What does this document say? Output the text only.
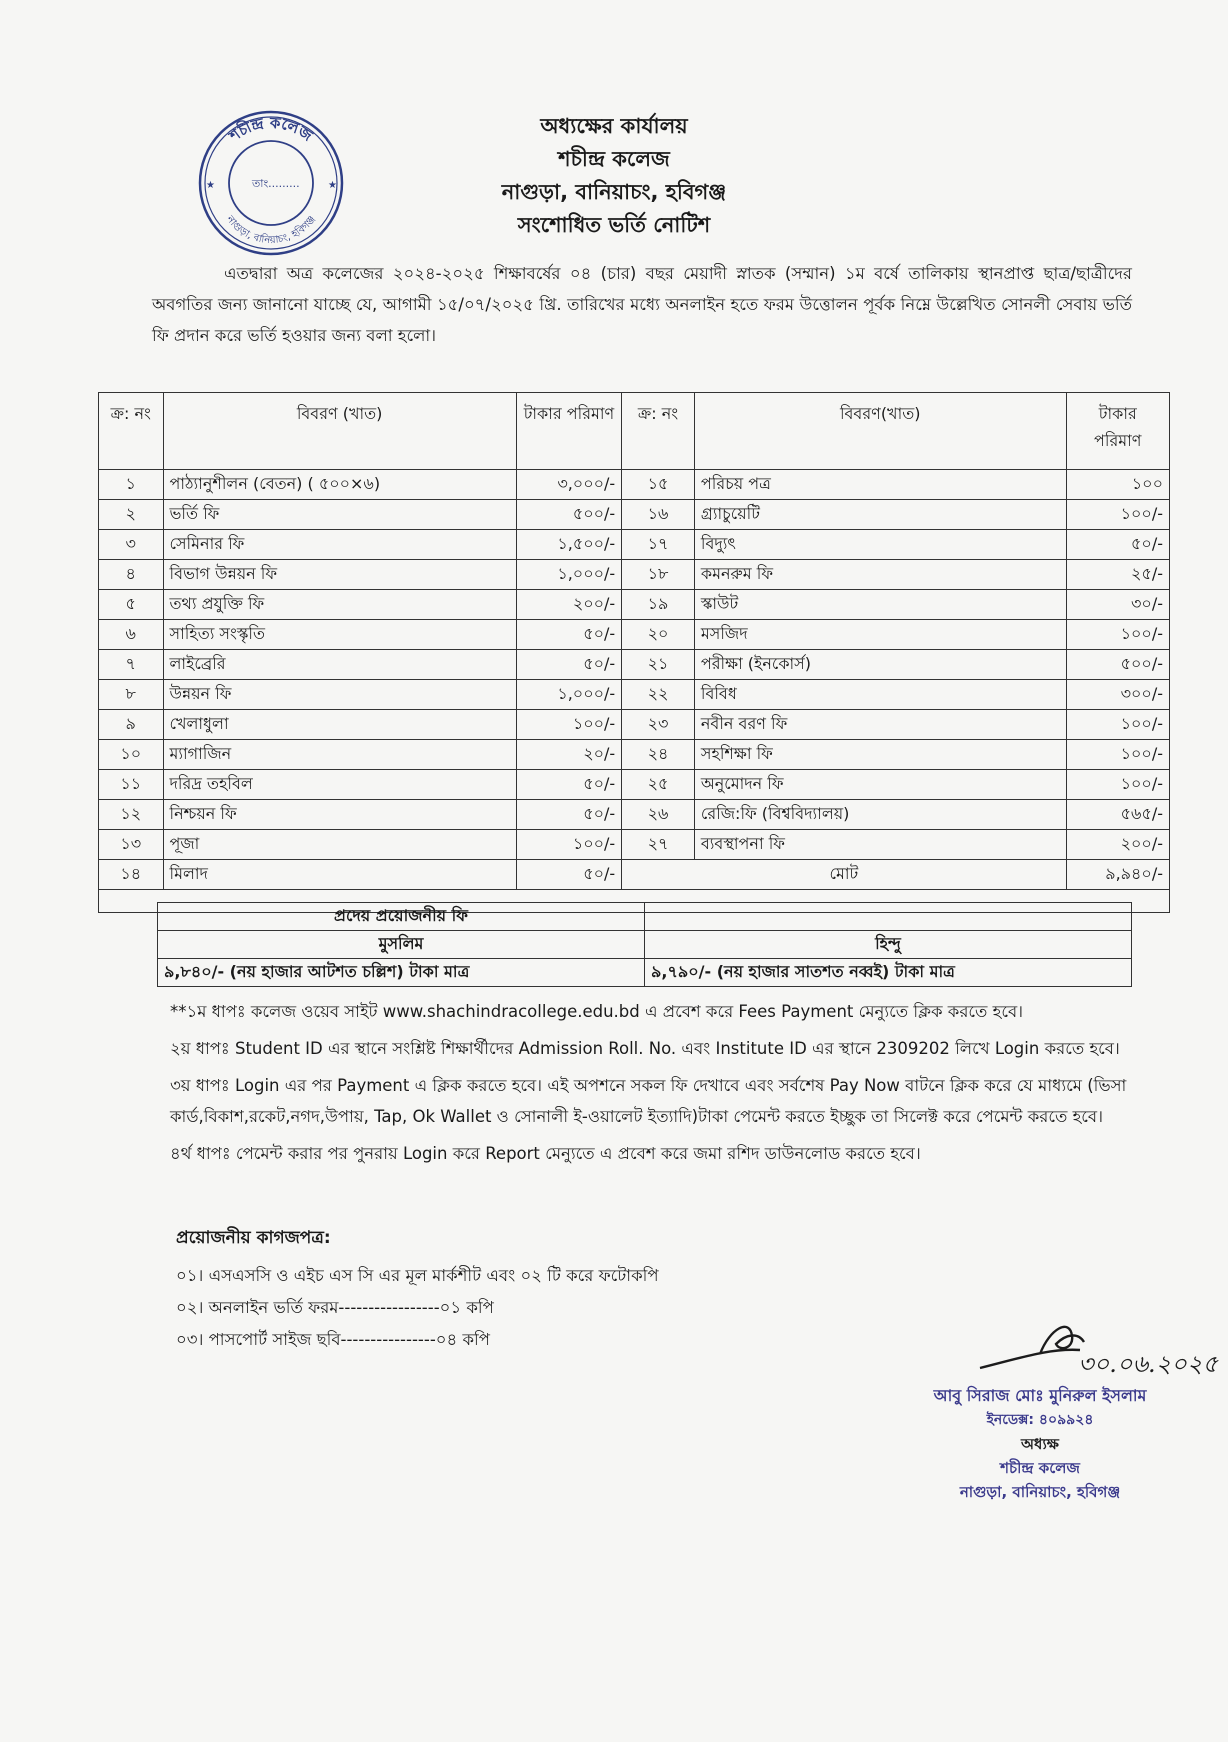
শচীন্দ্র কলেজ
নাগুড়া, বানিয়াচং, হবিগঞ্জ
তাং.........
★	★
অধ্যক্ষের কার্যালয়
শচীন্দ্র কলেজ
নাগুড়া, বানিয়াচং, হবিগঞ্জ
সংশোধিত ভর্তি নোটিশ
এতদ্বারা অত্র কলেজের ২০২৪-২০২৫ শিক্ষাবর্ষের ০৪ (চার) বছর মেয়াদী স্নাতক (সম্মান) ১ম বর্ষে তালিকায় স্থানপ্রাপ্ত ছাত্র/ছাত্রীদের অবগতির জন্য জানানো যাচ্ছে যে, আগামী ১৫/০৭/২০২৫ খ্রি. তারিখের মধ্যে অনলাইন হতে ফরম উত্তোলন পূর্বক নিম্নে উল্লেখিত সোনলী সেবায় ভর্তি ফি প্রদান করে ভর্তি হওয়ার জন্য বলা হলো।
ক্র: নং	বিবরণ (খাত)	টাকার পরিমাণ	ক্র: নং	বিবরণ(খাত)	টাকার পরিমাণ
১	পাঠ্যানুশীলন (বেতন) ( ৫০০×৬)	৩,০০০/-	১৫	পরিচয় পত্র	১০০
২	ভর্তি ফি	৫০০/-	১৬	গ্র্যাচুয়েটি	১০০/-
৩	সেমিনার ফি	১,৫০০/-	১৭	বিদ্যুৎ	৫০/-
৪	বিভাগ উন্নয়ন ফি	১,০০০/-	১৮	কমনরুম ফি	২৫/-
৫	তথ্য প্রযুক্তি ফি	২০০/-	১৯	স্কাউট	৩০/-
৬	সাহিত্য সংস্কৃতি	৫০/-	২০	মসজিদ	১০০/-
৭	লাইব্রেরি	৫০/-	২১	পরীক্ষা (ইনকোর্স)	৫০০/-
৮	উন্নয়ন ফি	১,০০০/-	২২	বিবিধ	৩০০/-
৯	খেলাধুলা	১০০/-	২৩	নবীন বরণ ফি	১০০/-
১০	ম্যাগাজিন	২০/-	২৪	সহশিক্ষা ফি	১০০/-
১১	দরিদ্র তহবিল	৫০/-	২৫	অনুমোদন ফি	১০০/-
১২	নিশ্চয়ন ফি	৫০/-	২৬	রেজি:ফি (বিশ্ববিদ্যালয়)	৫৬৫/-
১৩	পূজা	১০০/-	২৭	ব্যবস্থাপনা ফি	২০০/-
১৪	মিলাদ	৫০/-	মোট		৯,৯৪০/-

প্রদেয় প্রয়োজনীয় ফি	
মুসলিম	হিন্দু
৯,৮৪০/- (নয় হাজার আটশত চল্লিশ) টাকা মাত্র	৯,৭৯০/- (নয় হাজার সাতশত নব্বই) টাকা মাত্র

**১ম ধাপঃ কলেজ ওয়েব সাইট www.shachindracollege.edu.bd এ প্রবেশ করে Fees Payment মেন্যুতে ক্লিক করতে হবে।

২য় ধাপঃ Student ID এর স্থানে সংশ্লিষ্ট শিক্ষার্থীদের Admission Roll. No. এবং Institute ID এর স্থানে 2309202 লিখে Login করতে হবে।

৩য় ধাপঃ Login এর পর Payment এ ক্লিক করতে হবে। এই অপশনে সকল ফি দেখাবে এবং সর্বশেষ Pay Now বাটনে ক্লিক করে যে মাধ্যমে (ভিসা কার্ড,বিকাশ,রকেট,নগদ,উপায়, Tap, Ok Wallet ও সোনালী ই-ওয়ালেট ইত্যাদি)টাকা পেমেন্ট করতে ইচ্ছুক তা সিলেক্ট করে পেমেন্ট করতে হবে।

৪র্থ ধাপঃ পেমেন্ট করার পর পুনরায় Login করে Report মেন্যুতে এ প্রবেশ করে জমা রশিদ ডাউনলোড করতে হবে।

প্রয়োজনীয় কাগজপত্র:

০১। এসএসসি ও এইচ এস সি এর মূল মার্কশীট এবং ০২ টি করে ফটোকপি

০২। অনলাইন ভর্তি ফরম-----------------০১ কপি

০৩। পাসপোর্ট সাইজ ছবি----------------০৪ কপি

৩০.০৬.২০২৫
আবু সিরাজ মোঃ মুনিরুল ইসলাম
ইনডেক্স: ৪০৯৯২৪
অধ্যক্ষ
শচীন্দ্র কলেজ
নাগুড়া, বানিয়াচং, হবিগঞ্জ
